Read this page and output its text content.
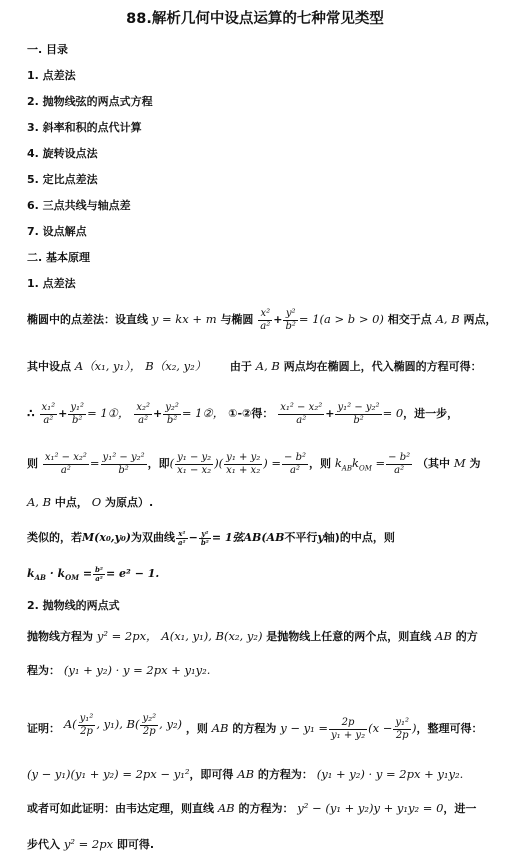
88.解析几何中设点运算的七种常见类型
一. 目录
1. 点差法
2. 抛物线弦的两点式方程
3. 斜率和积的点代计算
4. 旋转设点法
5. 定比点差法
6. 三点共线与轴点差
7. 设点解点
二. 基本原理
1. 点差法
椭圆中的点差法：设直线 y = kx + m 与椭圆 $\frac{\text{x²}}{\text{a²}} + \frac{\text{y²}}{\text{b²}} = 1(a > b > 0)$ 相交于点 A, B 两点，
其中设点 A（x₁, y₁）， B（x₂, y₂） 由于 A, B 两点均在椭圆上，代入椭圆的方程可得：
∴ $\frac{\text{x₁²}}{\text{a²}} + \frac{\text{y₁²}}{\text{b²}}$ = 1①， $\frac{\text{x₂²}}{\text{a²}} + \frac{\text{y₂²}}{\text{b²}}$ = 1②， ①-②得： $\frac{\text{x₁² − x₂²}}{\text{a²}} + \frac{\text{y₁² − y₂²}}{\text{b²}} = 0$，进一步，
则 $\frac{\text{x₁² − x₂²}}{\text{a²}} = \frac{\text{y₁² − y₂²}}{\text{b²}}$ ，即( $\frac{\text{y₁ − y₂}}{\text{x₁ − x₂}}$ )( $\frac{\text{y₁ + y₂}}{\text{x₁ + x₂}}$ ) = $\frac{\text{− b²}}{\text{a²}}$ ，则 $k_{AB}k_{OM} = \frac{\text{− b²}}{\text{a²}}$ （其中 M 为
A, B 中点， O 为原点）.
类似的，若M(x₀,y₀)为双曲线 $\frac{\text{x²}}{\text{a²}} - \frac{\text{y²}}{\text{b²}} = 1$弦AB(AB不平行y轴)的中点，则
$k_{AB} \cdot k_{OM} = \frac{\text{b²}}{\text{a²}} = e^2 - 1$.
2. 抛物线的两点式
抛物线方程为 y² = 2px， A(x₁, y₁), B(x₂, y₂) 是抛物线上任意的两个点，则直线 AB 的方
程为： (y₁ + y₂) · y = 2px + y₁y₂.
证明： $A( \frac{\text{y₁²}}{2p}$ , y₁), $B( \frac{\text{y₂²}}{2p}$ , y₂) ，则 AB 的方程为 $y - y_1 = \frac{2p}{\text{y₁ + y₂}} (x - \frac{\text{y₁²}}{2p}$ )，整理可得：
(y − y₁)(y₁ + y₂) = 2px − y₁²，即可得 AB 的方程为： (y₁ + y₂) · y = 2px + y₁y₂.
或者可如此证明：由韦达定理，则直线 AB 的方程为： y² − (y₁ + y₂)y + y₁y₂ = 0，进一
步代入 y² = 2px 即可得.
